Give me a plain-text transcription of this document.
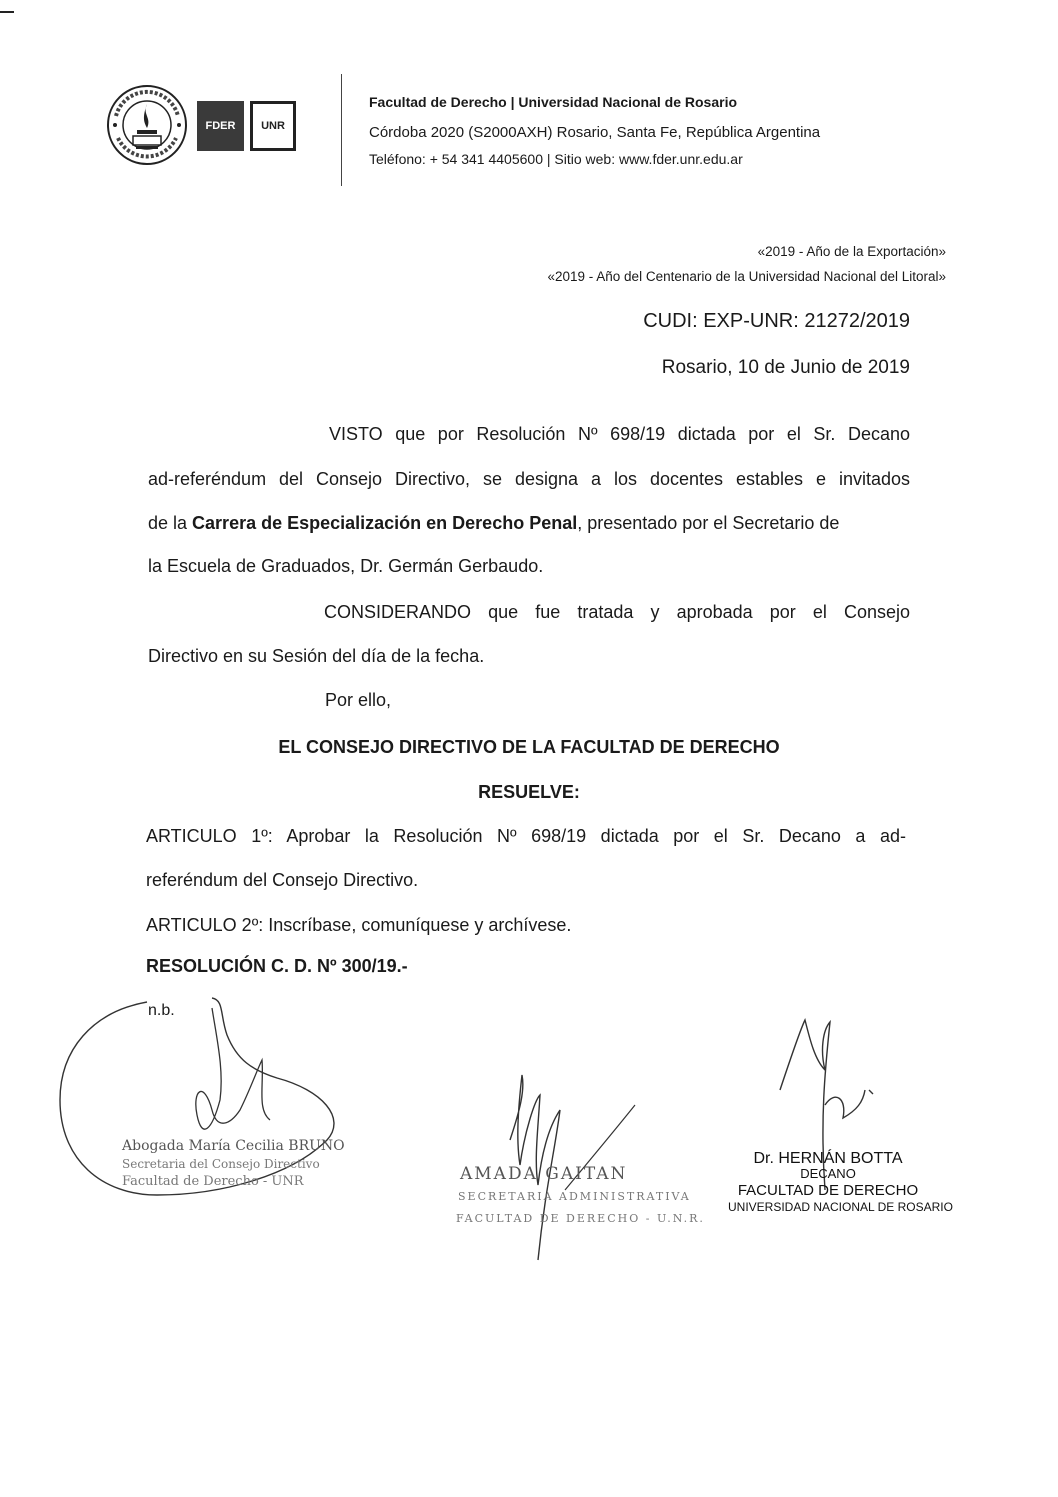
FDER	UNR
Facultad de Derecho | Universidad Nacional de Rosario
Córdoba 2020 (S2000AXH) Rosario, Santa Fe, República Argentina
Teléfono: + 54 341 4405600 | Sitio web: www.fder.unr.edu.ar
«2019 - Año de la Exportación»
«2019 - Año del Centenario de la Universidad Nacional del Litoral»
CUDI: EXP-UNR: 21272/2019
Rosario, 10 de Junio de 2019
VISTO que por Resolución Nº 698/19 dictada por el Sr. Decano
ad-referéndum del Consejo Directivo, se designa a los docentes estables e invitados
de la Carrera de Especialización en Derecho Penal , presentado por el Secretario de
la Escuela de Graduados, Dr. Germán Gerbaudo.
CONSIDERANDO que fue tratada y aprobada por el Consejo
Directivo en su Sesión del día de la fecha.
Por ello,
EL CONSEJO DIRECTIVO DE LA FACULTAD DE DERECHO
RESUELVE:
ARTICULO 1º: Aprobar la Resolución Nº 698/19 dictada por el Sr. Decano a ad-
referéndum del Consejo Directivo.
ARTICULO 2º: Inscríbase, comuníquese y archívese.
RESOLUCIÓN C. D. Nº 300/19.-
n.b.
Abogada María Cecilia BRUNO
Secretaria del Consejo Directivo
Facultad de Derecho - UNR	AMADA GAITAN
SECRETARIA ADMINISTRATIVA
FACULTAD DE DERECHO - U.N.R.
Dr. HERNÁN BOTTA
DECANO
FACULTAD DE DERECHO
UNIVERSIDAD NACIONAL DE ROSARIO
